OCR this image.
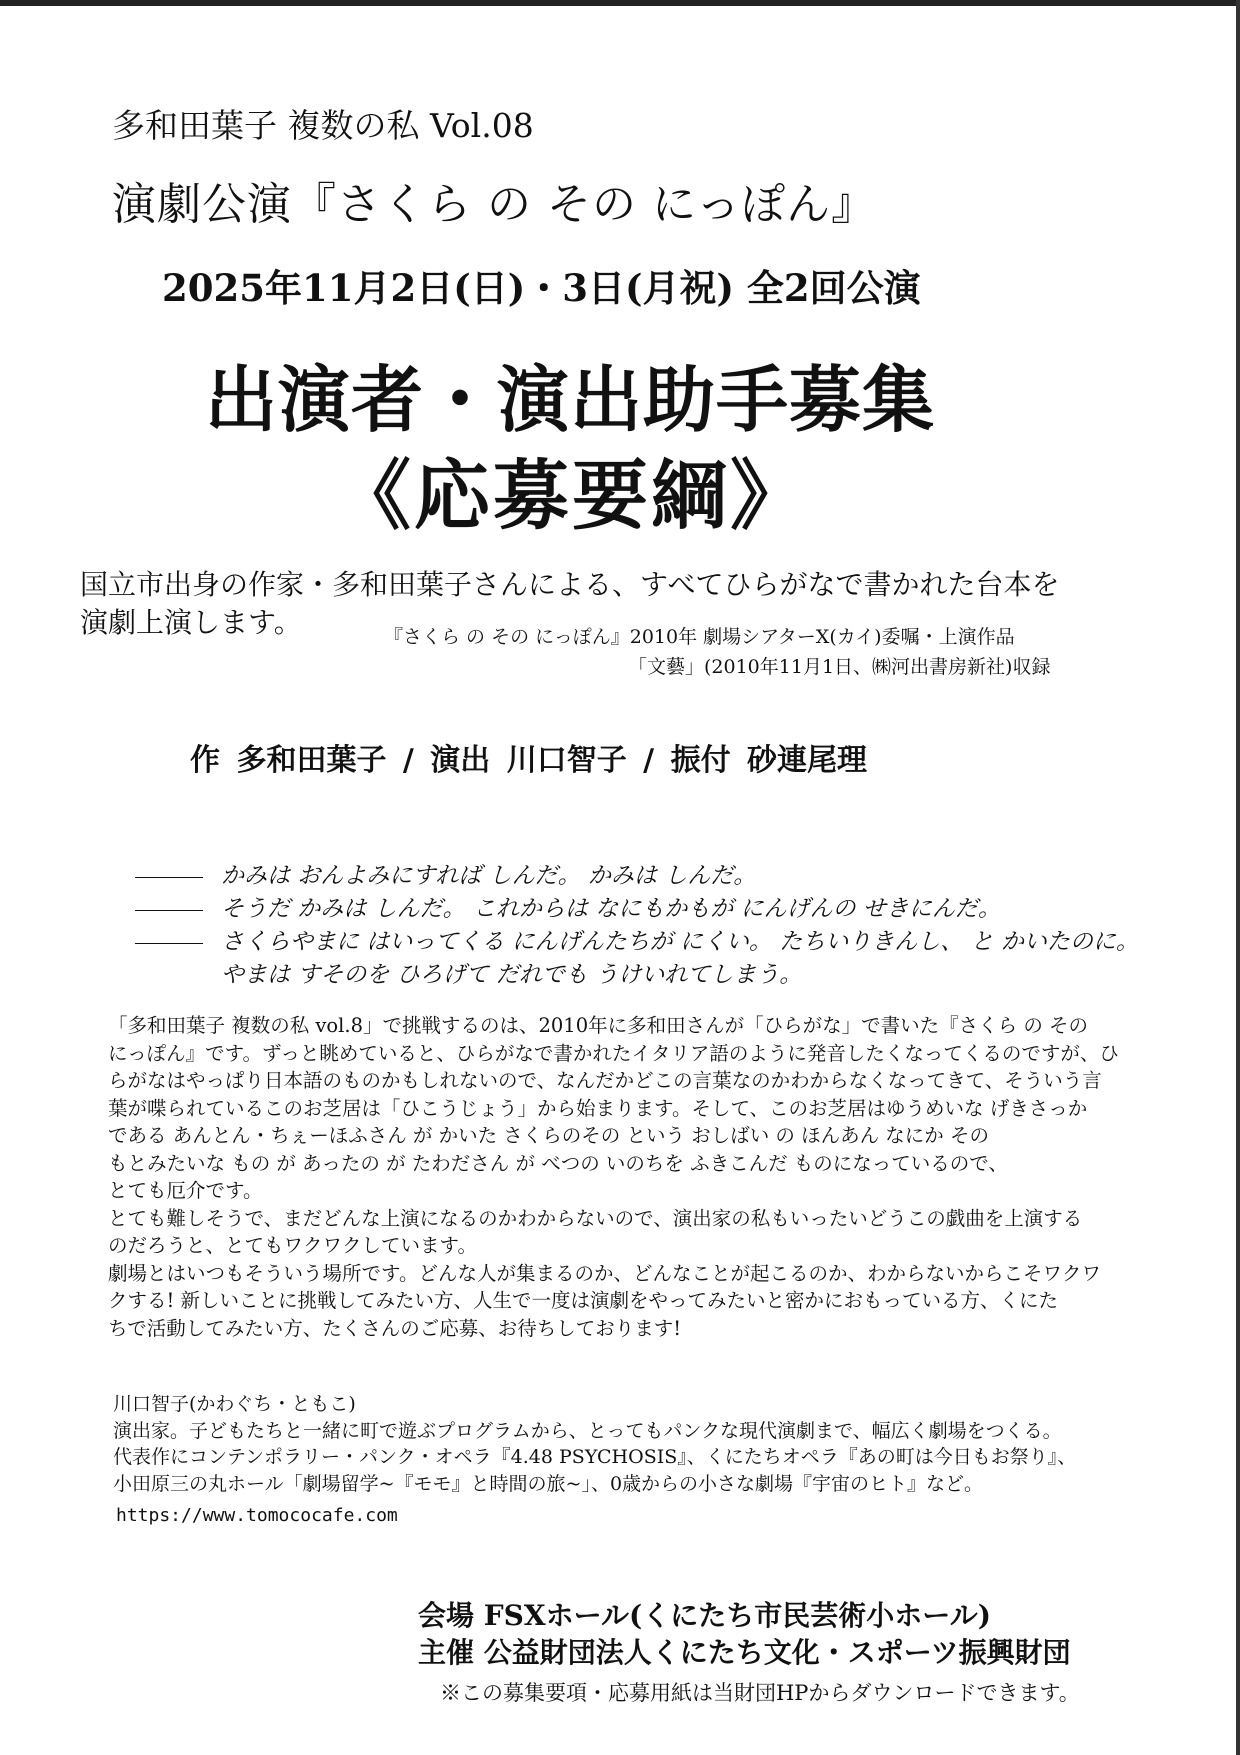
多和田葉子 複数の私 Vol.08
演劇公演『さくら の その にっぽん』
2025年11月2日(日)・3日(月祝) 全2回公演
出演者・演出助手募集
《応募要綱》
国立市出身の作家・多和田葉子さんによる、すべてひらがなで書かれた台本を
演劇上演します。	『さくら の その にっぽん』2010年 劇場シアターX(カイ)委嘱・上演作品
「文藝」(2010年11月1日、㈱河出書房新社)収録
作 多和田葉子 / 演出 川口智子 / 振付 砂連尾理
かみは おんよみにすれば しんだ。 かみは しんだ。
そうだ かみは しんだ。 これからは なにもかもが にんげんの せきにんだ。
さくらやまに はいってくる にんげんたちが にくい。 たちいりきんし、 と かいたのに。
やまは すそのを ひろげて だれでも うけいれてしまう。

「多和田葉子 複数の私 vol.8」で挑戦するのは、2010年に多和田さんが「ひらがな」で書いた『さくら の その

にっぽん』です。ずっと眺めていると、ひらがなで書かれたイタリア語のように発音したくなってくるのですが、ひ

らがなはやっぱり日本語のものかもしれないので、なんだかどこの言葉なのかわからなくなってきて、そういう言

葉が喋られているこのお芝居は「ひこうじょう」から始まります。そして、このお芝居はゆうめいな げきさっか

である あんとん・ちぇーほふさん が かいた さくらのその という おしばい の ほんあん なにか その

もとみたいな もの が あったの が たわださん が べつの いのちを ふきこんだ ものになっているので、

とても厄介です。

とても難しそうで、まだどんな上演になるのかわからないので、演出家の私もいったいどうこの戯曲を上演する

のだろうと、とてもワクワクしています。

劇場とはいつもそういう場所です。どんな人が集まるのか、どんなことが起こるのか、わからないからこそワクワ

クする! 新しいことに挑戦してみたい方、人生で一度は演劇をやってみたいと密かにおもっている方、くにた

ちで活動してみたい方、たくさんのご応募、お待ちしております!

川口智子(かわぐち・ともこ)

演出家。子どもたちと一緒に町で遊ぶプログラムから、とってもパンクな現代演劇まで、幅広く劇場をつくる。

代表作にコンテンポラリー・パンク・オペラ『4.48 PSYCHOSIS』、くにたちオペラ『あの町は今日もお祭り』、

小田原三の丸ホール「劇場留学~『モモ』と時間の旅~」、0歳からの小さな劇場『宇宙のヒト』など。

https://www.tomococafe.com
会場 FSXホール(くにたち市民芸術小ホール)
主催 公益財団法人くにたち文化・スポーツ振興財団
※この募集要項・応募用紙は当財団HPからダウンロードできます。
